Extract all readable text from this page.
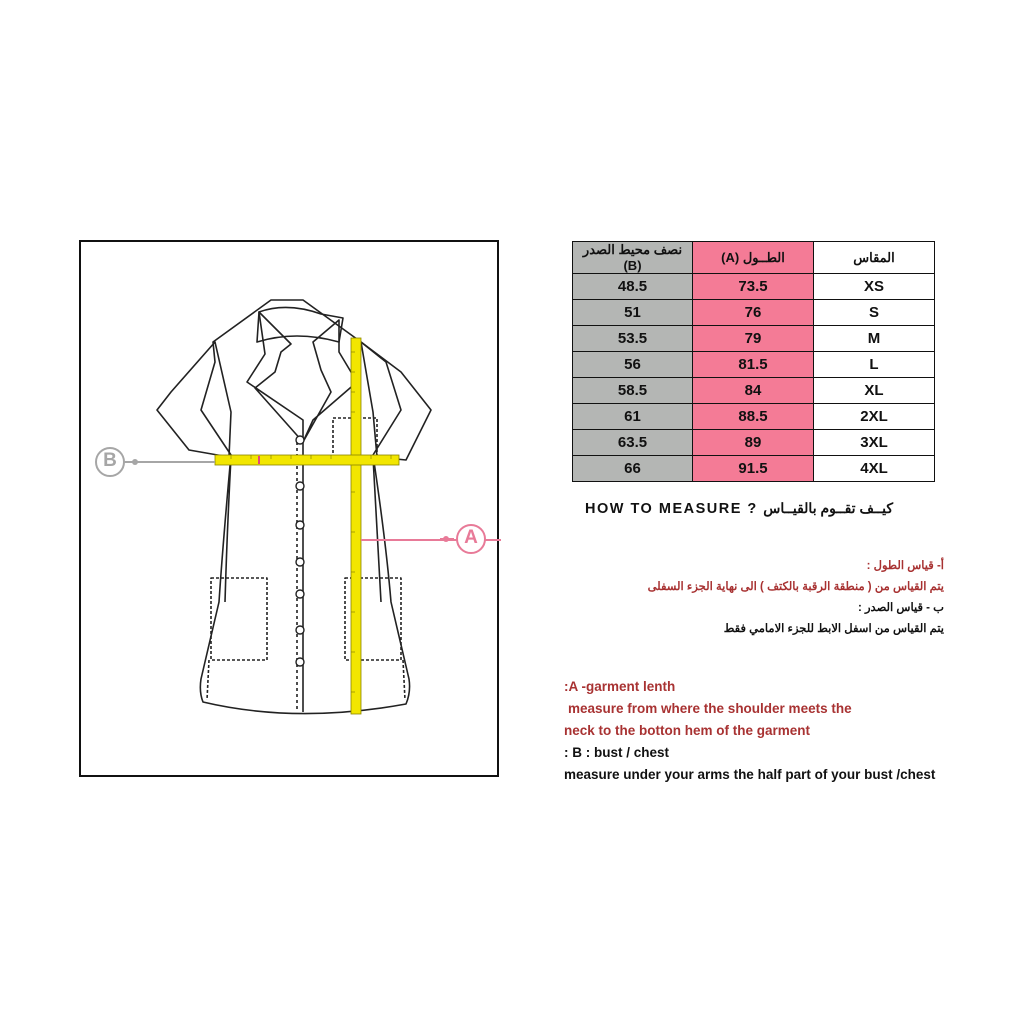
B
A
نصف محيط الصدر (B)	الطــول (A)	المقاس
48.5	73.5	XS
51	76	S
53.5	79	M
56	81.5	L
58.5	84	XL
61	88.5	2XL
63.5	89	3XL
66	91.5	4XL
HOW TO MEASURE ? كيــف تقــوم بالقيــاس
أ- قياس الطول :
يتم القياس من ( منطقة الرقبة بالكتف ) الى نهاية الجزء السفلى
ب - قياس الصدر :
يتم القياس من اسفل الابط للجزء الامامي فقط
:A -garment lenth
measure from where the shoulder meets the
neck to the botton hem of the garment
: B : bust / chest
measure under your arms the half part of your bust /chest
